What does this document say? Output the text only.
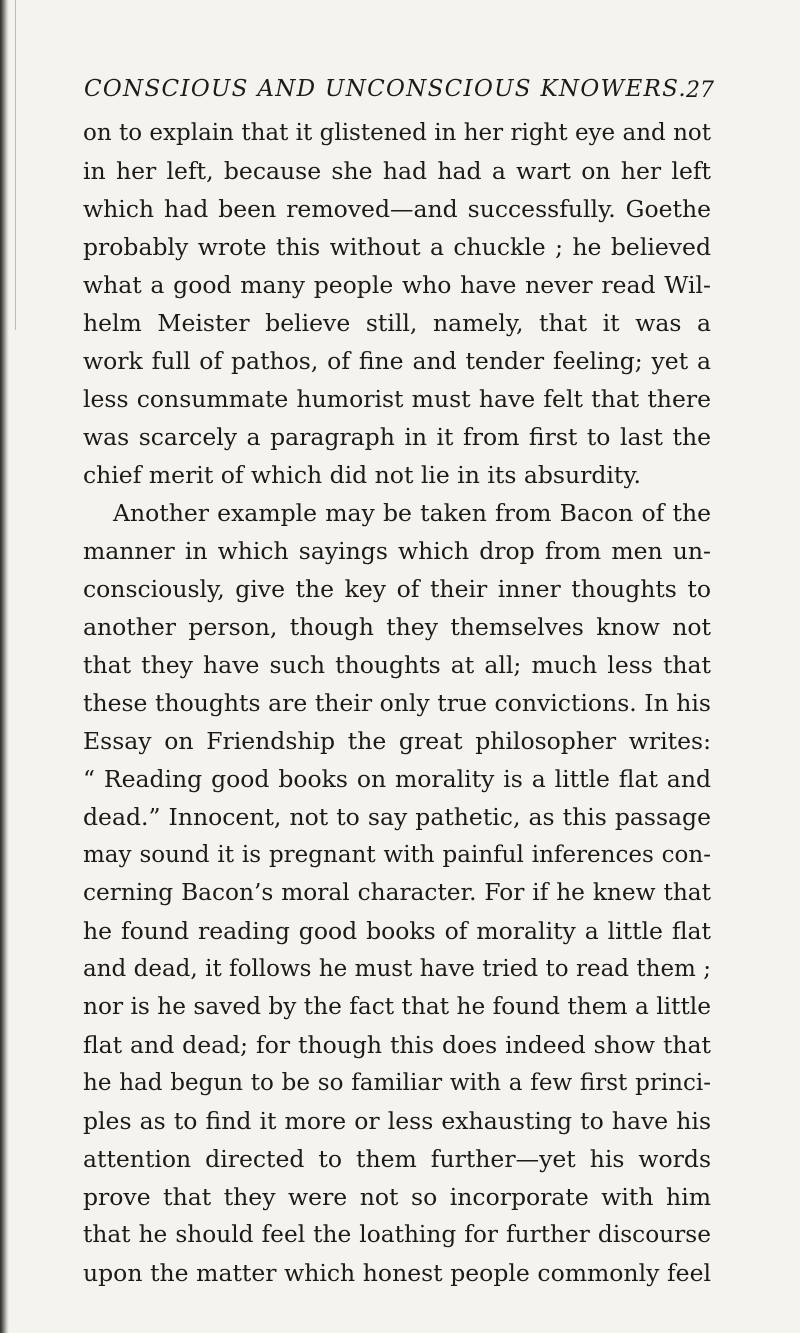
CONSCIOUS AND UNCONSCIOUS KNOWERS.
27
on to explain that it glistened in her right eye and not
in her left, because she had had a wart on her left
which had been removed—and successfully. Goethe
probably wrote this without a chuckle ; he believed
what a good many people who have never read Wil-
helm Meister believe still, namely, that it was a
work full of pathos, of fine and tender feeling; yet a
less consummate humorist must have felt that there
was scarcely a paragraph in it from first to last the
chief merit of which did not lie in its absurdity.
Another example may be taken from Bacon of the
manner in which sayings which drop from men un-
consciously, give the key of their inner thoughts to
another person, though they themselves know not
that they have such thoughts at all; much less that
these thoughts are their only true convictions. In his
Essay on Friendship the great philosopher writes:
“ Reading good books on morality is a little flat and
dead.” Innocent, not to say pathetic, as this passage
may sound it is pregnant with painful inferences con-
cerning Bacon’s moral character. For if he knew that
he found reading good books of morality a little flat
and dead, it follows he must have tried to read them ;
nor is he saved by the fact that he found them a little
flat and dead; for though this does indeed show that
he had begun to be so familiar with a few first princi-
ples as to find it more or less exhausting to have his
attention directed to them further—yet his words
prove that they were not so incorporate with him
that he should feel the loathing for further discourse
upon the matter which honest people commonly feel
